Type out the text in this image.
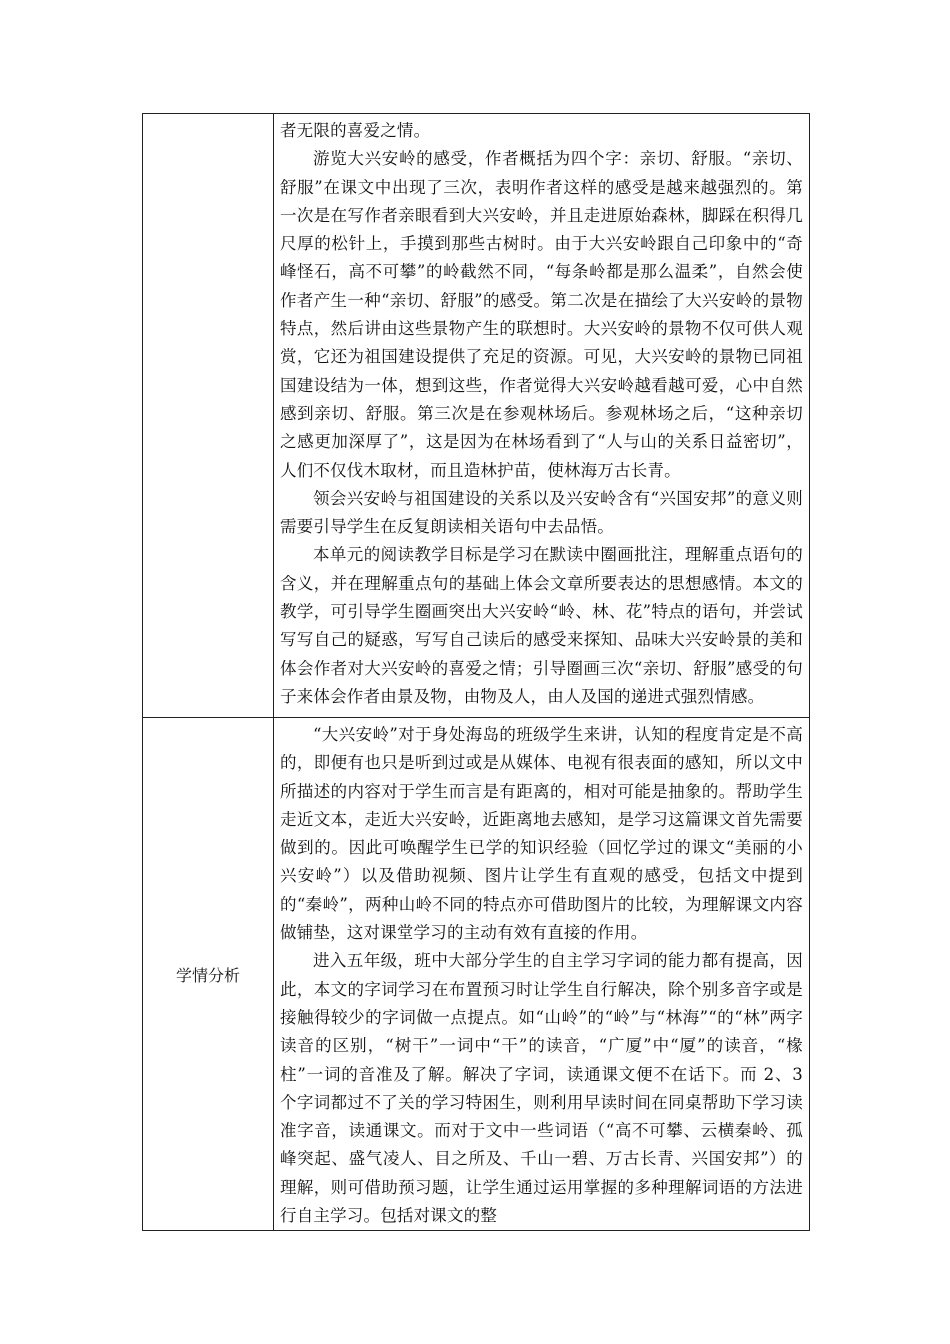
	者无限的喜爱之情。

游览大兴安岭的感受，作者概括为四个字：亲切、舒服。“亲切、舒服”在课文中出现了三次，表明作者这样的感受是越来越强烈的。第一次是在写作者亲眼看到大兴安岭，并且走进原始森林，脚踩在积得几尺厚的松针上，手摸到那些古树时。由于大兴安岭跟自己印象中的“奇峰怪石，高不可攀”的岭截然不同，“每条岭都是那么温柔”，自然会使作者产生一种“亲切、舒服”的感受。第二次是在描绘了大兴安岭的景物特点，然后讲由这些景物产生的联想时。大兴安岭的景物不仅可供人观赏，它还为祖国建设提供了充足的资源。可见，大兴安岭的景物已同祖国建设结为一体，想到这些，作者觉得大兴安岭越看越可爱，心中自然感到亲切、舒服。第三次是在参观林场后。参观林场之后，“这种亲切之感更加深厚了”，这是因为在林场看到了“人与山的关系日益密切”，人们不仅伐木取材，而且造林护苗，使林海万古长青。

领会兴安岭与祖国建设的关系以及兴安岭含有“兴国安邦”的意义则需要引导学生在反复朗读相关语句中去品悟。

本单元的阅读教学目标是学习在默读中圈画批注，理解重点语句的含义，并在理解重点句的基础上体会文章所要表达的思想感情。本文的教学，可引导学生圈画突出大兴安岭“岭、林、花”特点的语句，并尝试写写自己的疑惑，写写自己读后的感受来探知、品味大兴安岭景的美和体会作者对大兴安岭的喜爱之情；引导圈画三次“亲切、舒服”感受的句子来体会作者由景及物，由物及人，由人及国的递进式强烈情感。

学情分析	“大兴安岭”对于身处海岛的班级学生来讲，认知的程度肯定是不高的，即便有也只是听到过或是从媒体、电视有很表面的感知，所以文中所描述的内容对于学生而言是有距离的，相对可能是抽象的。帮助学生走近文本，走近大兴安岭，近距离地去感知，是学习这篇课文首先需要做到的。因此可唤醒学生已学的知识经验（回忆学过的课文“美丽的小兴安岭”）以及借助视频、图片让学生有直观的感受，包括文中提到的“秦岭”，两种山岭不同的特点亦可借助图片的比较，为理解课文内容做铺垫，这对课堂学习的主动有效有直接的作用。

进入五年级，班中大部分学生的自主学习字词的能力都有提高，因此，本文的字词学习在布置预习时让学生自行解决，除个别多音字或是接触得较少的字词做一点提点。如“山岭”的“岭”与“林海”“的“林”两字读音的区别，“树干”一词中“干”的读音，“广厦”中“厦”的读音，“椽柱”一词的音准及了解。解决了字词，读通课文便不在话下。而 2、3 个字词都过不了关的学习特困生，则利用早读时间在同桌帮助下学习读准字音，读通课文。而对于文中一些词语（“高不可攀、云横秦岭、孤峰突起、盛气凌人、目之所及、千山一碧、万古长青、兴国安邦”）的理解，则可借助预习题，让学生通过运用掌握的多种理解词语的方法进行自主学习。包括对课文的整
